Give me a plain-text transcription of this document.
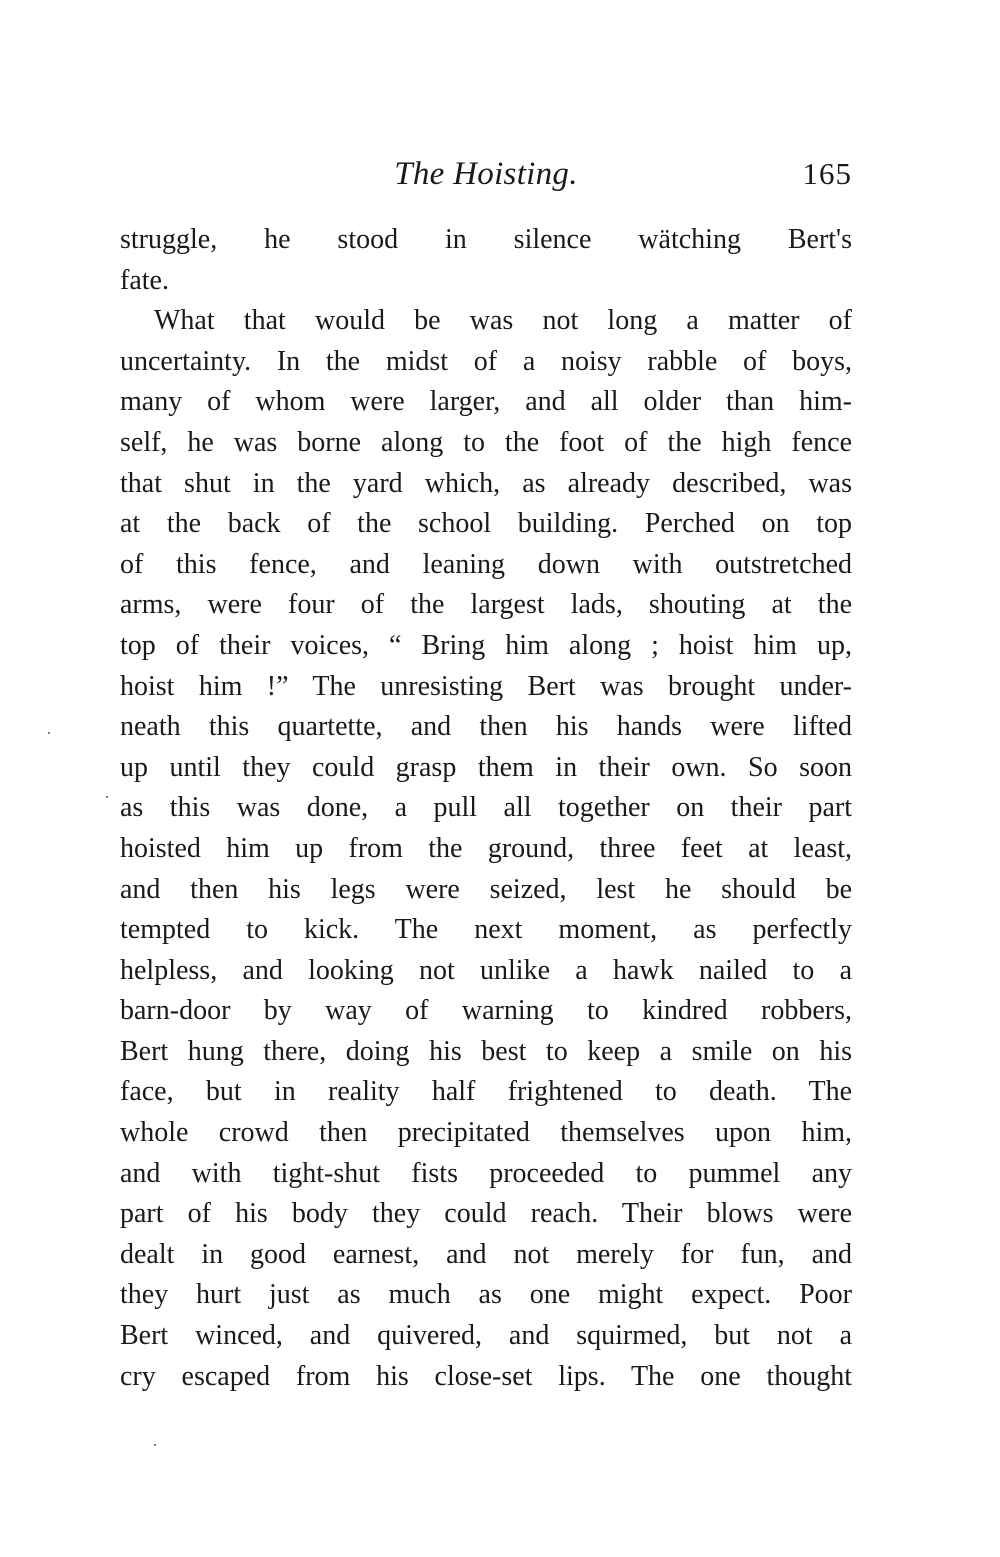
The Hoisting.	165
struggle, he stood in silence wätching Bert's
fate.
What that would be was not long a matter of
uncertainty. In the midst of a noisy rabble of boys,
many of whom were larger, and all older than him-
self, he was borne along to the foot of the high fence
that shut in the yard which, as already described, was
at the back of the school building. Perched on top
of this fence, and leaning down with outstretched
arms, were four of the largest lads, shouting at the
top of their voices, “ Bring him along ; hoist him up,
hoist him !” The unresisting Bert was brought under-
neath this quartette, and then his hands were lifted
up until they could grasp them in their own. So soon
as this was done, a pull all together on their part
hoisted him up from the ground, three feet at least,
and then his legs were seized, lest he should be
tempted to kick. The next moment, as perfectly
helpless, and looking not unlike a hawk nailed to a
barn-door by way of warning to kindred robbers,
Bert hung there, doing his best to keep a smile on his
face, but in reality half frightened to death. The
whole crowd then precipitated themselves upon him,
and with tight-shut fists proceeded to pummel any
part of his body they could reach. Their blows were
dealt in good earnest, and not merely for fun, and
they hurt just as much as one might expect. Poor
Bert winced, and quivered, and squirmed, but not a
cry escaped from his close-set lips. The one thought
